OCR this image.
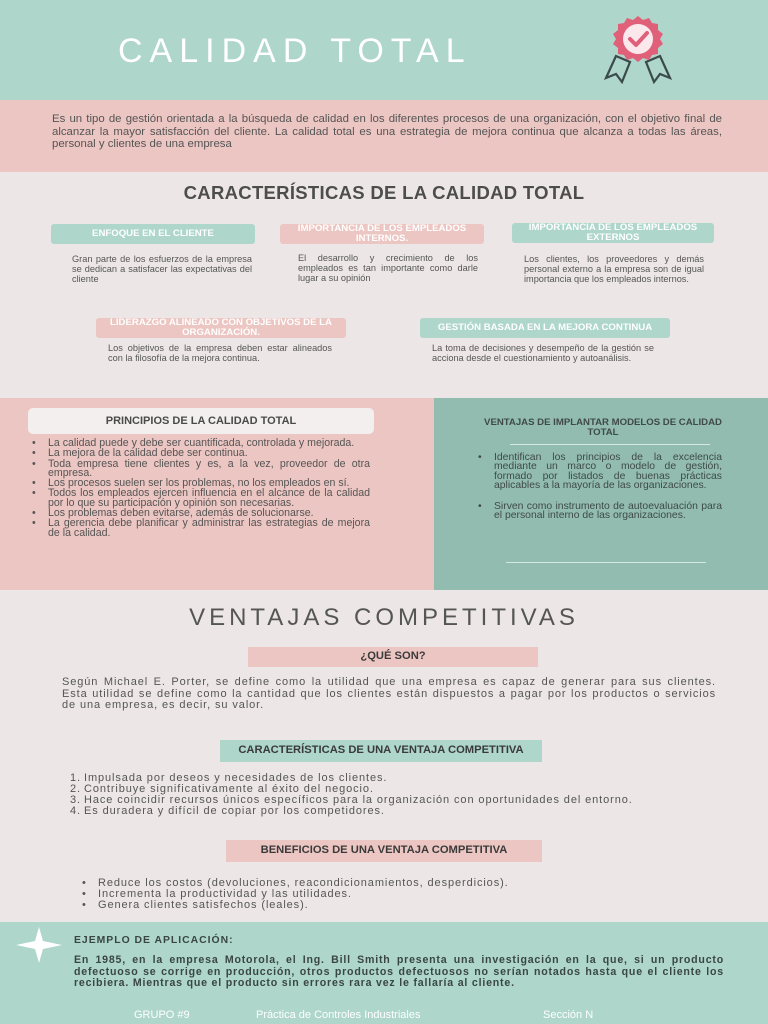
CALIDAD TOTAL

Es un tipo de gestión orientada a la búsqueda de calidad en los diferentes procesos de una organización, con el objetivo final de alcanzar la mayor satisfacción del cliente. La calidad total es una estrategia de mejora continua que alcanza a todas las áreas, personal y clientes de una empresa

CARACTERÍSTICAS DE LA CALIDAD TOTAL
ENFOQUE EN EL CLIENTE

Gran parte de los esfuerzos de la empresa se dedican a satisfacer las expectativas del cliente

IMPORTANCIA DE LOS EMPLEADOS INTERNOS.

El desarrollo y crecimiento de los empleados es tan importante como darle lugar a su opinión

IMPORTANCIA DE LOS EMPLEADOS EXTERNOS

Los clientes, los proveedores y demás personal externo a la empresa son de igual importancia que los empleados internos.

LIDERAZGO ALINEADO CON OBJETIVOS DE LA ORGANIZACIÓN.

Los objetivos de la empresa deben estar alineados con la filosofía de la mejora continua.

GESTIÓN BASADA EN LA MEJORA CONTINUA

La toma de decisiones y desempeño de la gestión se acciona desde el cuestionamiento y autoanálisis.

PRINCIPIOS DE LA CALIDAD TOTAL
• La calidad puede y debe ser cuantificada, controlada y mejorada.
• La mejora de la calidad debe ser continua.
• Toda empresa tiene clientes y es, a la vez, proveedor de otra empresa.
• Los procesos suelen ser los problemas, no los empleados en sí.
• Todos los empleados ejercen influencia en el alcance de la calidad por lo que su participación y opinión son necesarias.
• Los problemas deben evitarse, además de solucionarse.
• La gerencia debe planificar y administrar las estrategias de mejora de la calidad.
VENTAJAS DE IMPLANTAR MODELOS DE CALIDAD TOTAL
• Identifican los principios de la excelencia mediante un marco o modelo de gestión, formado por listados de buenas prácticas aplicables a la mayoría de las organizaciones.
• Sirven como instrumento de autoevaluación para el personal interno de las organizaciones.
VENTAJAS COMPETITIVAS
¿QUÉ SON?

Según Michael E. Porter, se define como la utilidad que una empresa es capaz de generar para sus clientes. Esta utilidad se define como la cantidad que los clientes están dispuestos a pagar por los productos o servicios de una empresa, es decir, su valor.

CARACTERÍSTICAS DE UNA VENTAJA COMPETITIVA
1. Impulsada por deseos y necesidades de los clientes.
2. Contribuye significativamente al éxito del negocio.
3. Hace coincidir recursos únicos específicos para la organización con oportunidades del entorno.
4. Es duradera y difícil de copiar por los competidores.
BENEFICIOS DE UNA VENTAJA COMPETITIVA
• Reduce los costos (devoluciones, reacondicionamientos, desperdicios).
• Incrementa la productividad y las utilidades.
• Genera clientes satisfechos (leales).
EJEMPLO DE APLICACIÓN:

En 1985, en la empresa Motorola, el Ing. Bill Smith presenta una investigación en la que, si un producto defectuoso se corrige en producción, otros productos defectuosos no serían notados hasta que el cliente los recibiera. Mientras que el producto sin errores rara vez le fallaría al cliente.

GRUPO #9	Práctica de Controles Industriales	Sección N
